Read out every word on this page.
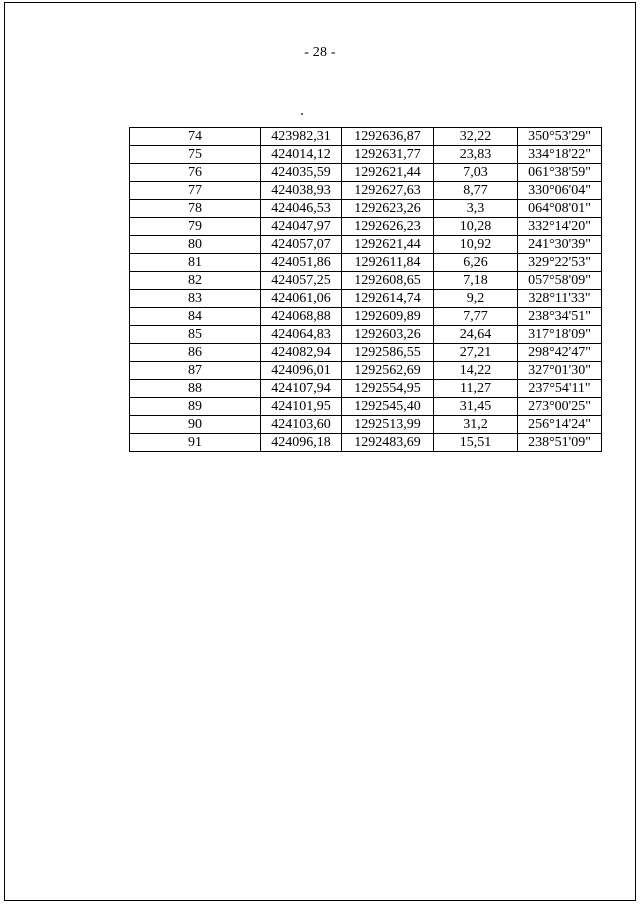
- 28 -
74	423982,31	1292636,87	32,22	350°53'29"
75	424014,12	1292631,77	23,83	334°18'22"
76	424035,59	1292621,44	7,03	061°38'59"
77	424038,93	1292627,63	8,77	330°06'04"
78	424046,53	1292623,26	3,3	064°08'01"
79	424047,97	1292626,23	10,28	332°14'20"
80	424057,07	1292621,44	10,92	241°30'39"
81	424051,86	1292611,84	6,26	329°22'53"
82	424057,25	1292608,65	7,18	057°58'09"
83	424061,06	1292614,74	9,2	328°11'33"
84	424068,88	1292609,89	7,77	238°34'51"
85	424064,83	1292603,26	24,64	317°18'09"
86	424082,94	1292586,55	27,21	298°42'47"
87	424096,01	1292562,69	14,22	327°01'30"
88	424107,94	1292554,95	11,27	237°54'11"
89	424101,95	1292545,40	31,45	273°00'25"
90	424103,60	1292513,99	31,2	256°14'24"
91	424096,18	1292483,69	15,51	238°51'09"
